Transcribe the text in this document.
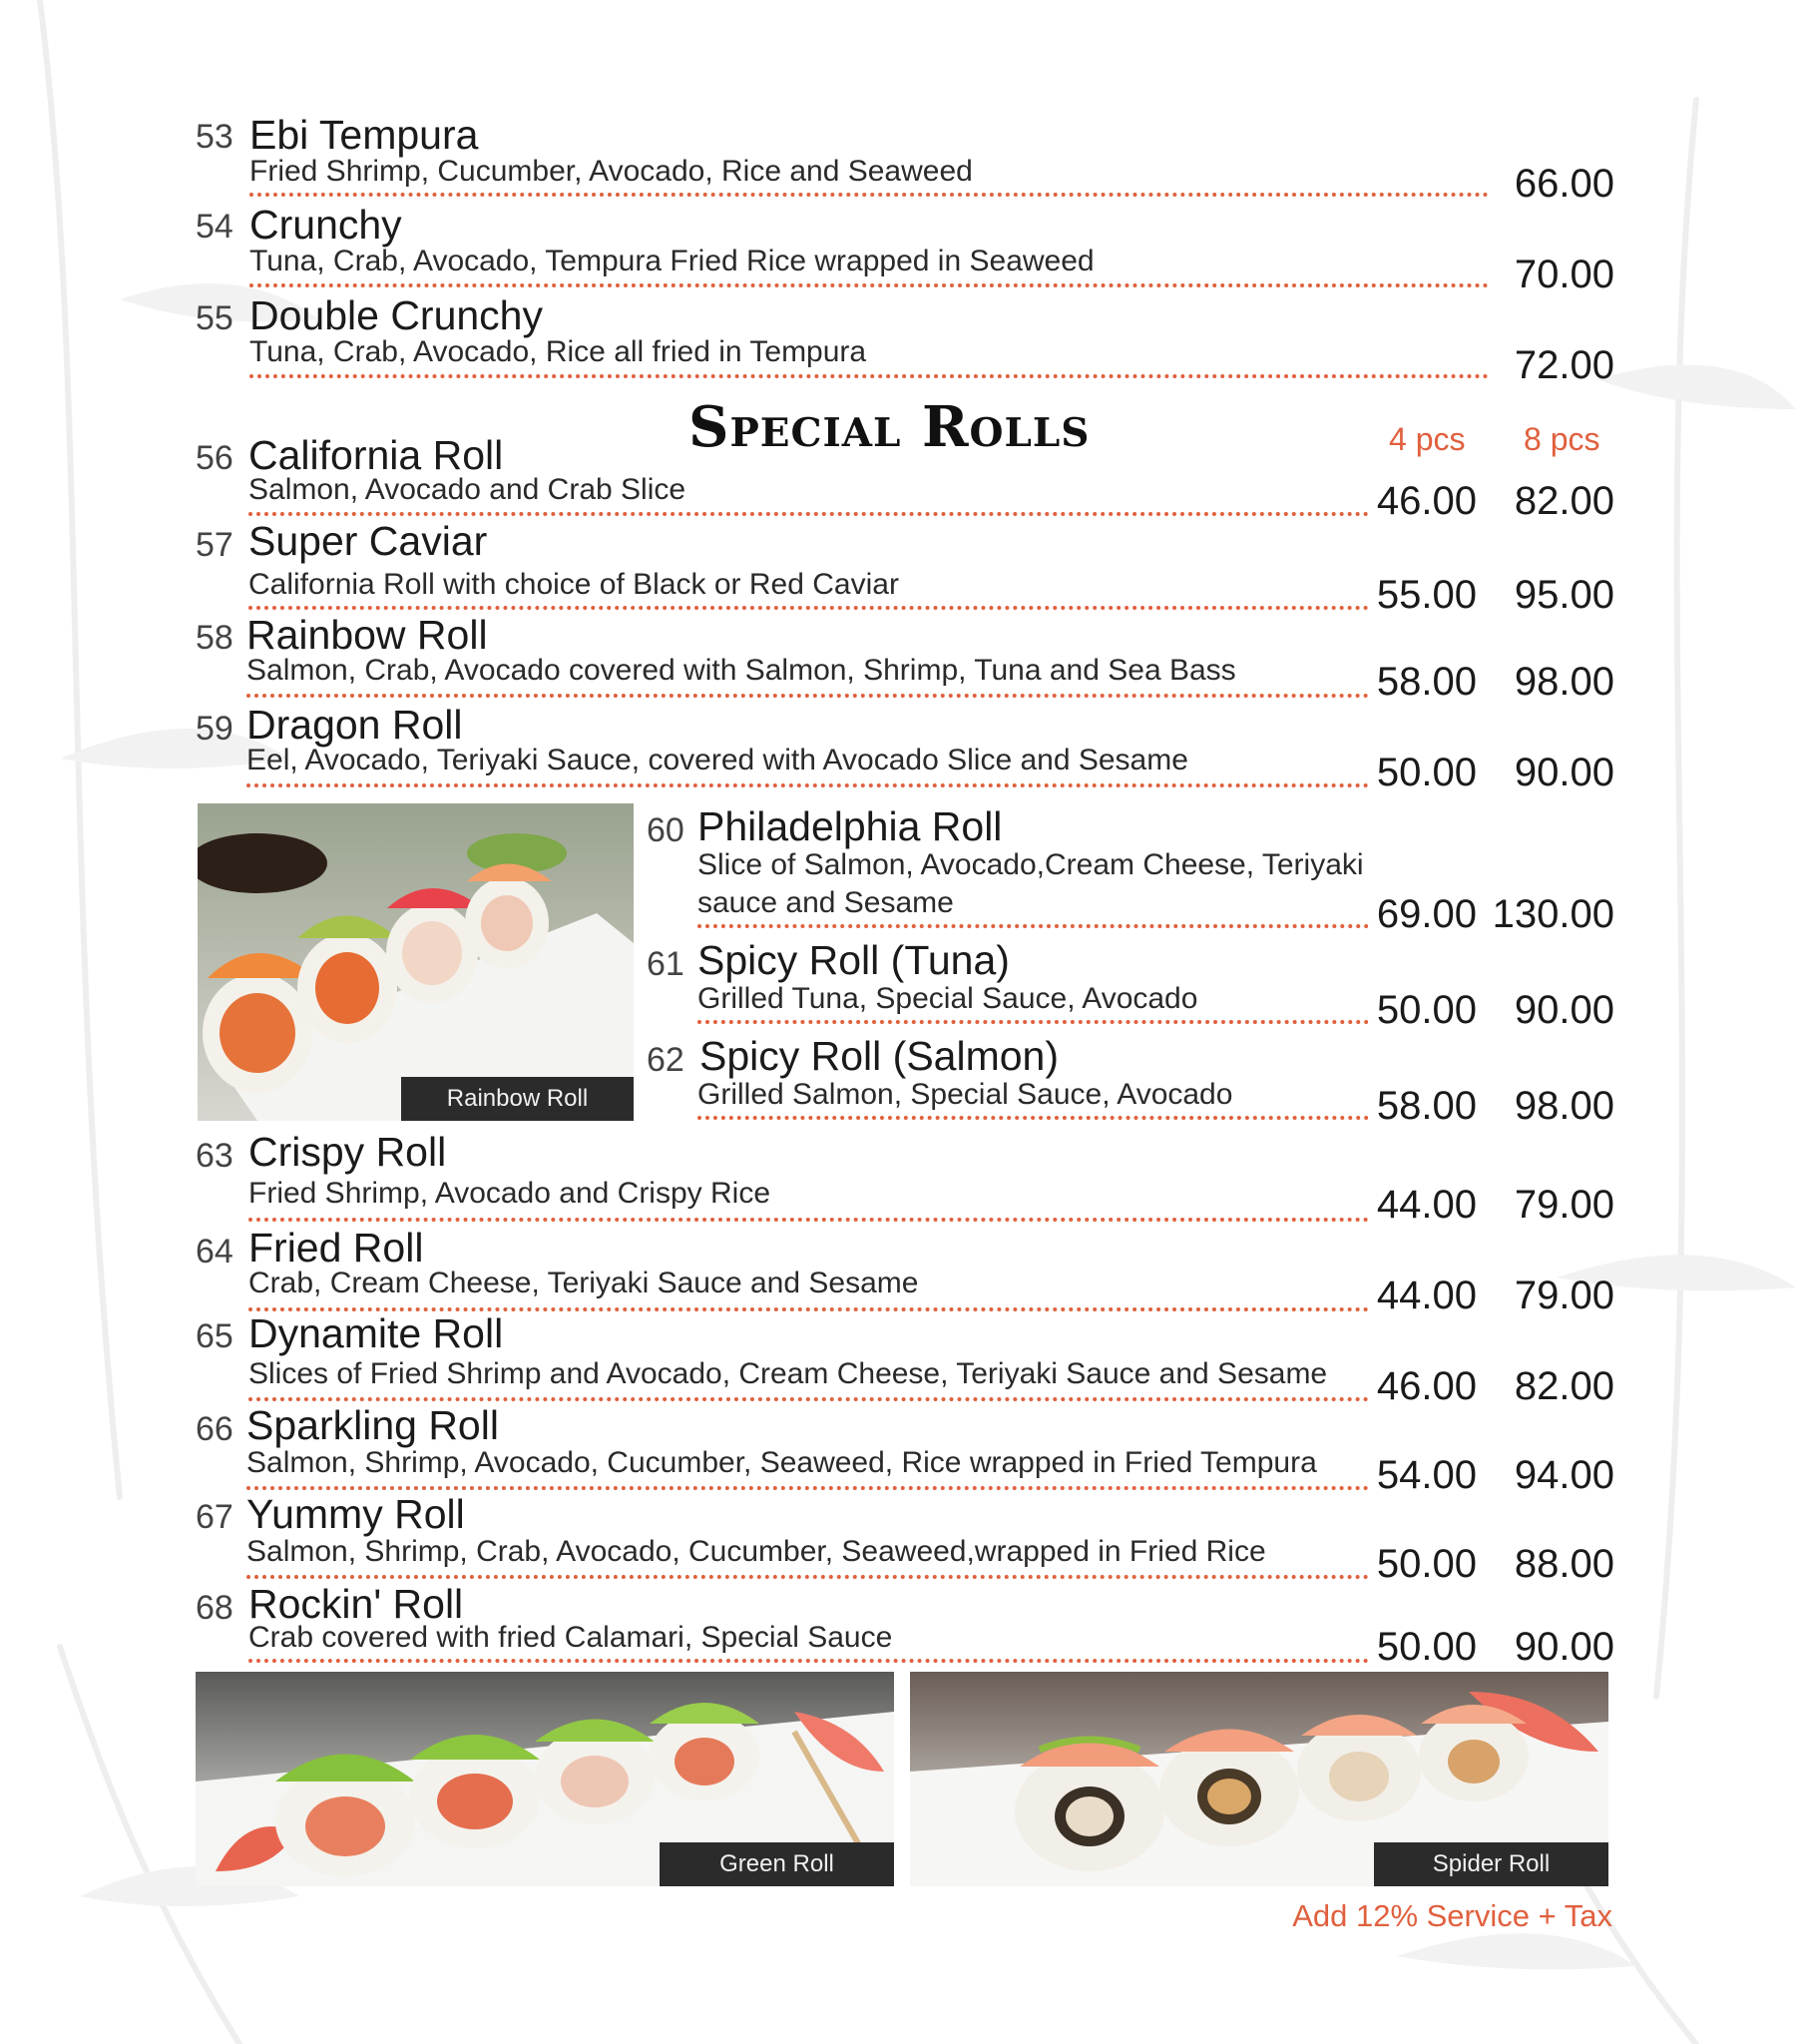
53 Ebi Tempura
Fried Shrimp, Cucumber, Avocado, Rice and Seaweed	66.00
54 Crunchy
Tuna, Crab, Avocado, Tempura Fried Rice wrapped in Seaweed	70.00
55 Double Crunchy
Tuna, Crab, Avocado, Rice all fried in Tempura	72.00
Special Rolls	4 pcs 8 pcs
56 California Roll
Salmon, Avocado and Crab Slice	46.00 82.00
57 Super Caviar
California Roll with choice of Black or Red Caviar	55.00 95.00
58 Rainbow Roll
Salmon, Crab, Avocado covered with Salmon, Shrimp, Tuna and Sea Bass	58.00 98.00
59 Dragon Roll
Eel, Avocado, Teriyaki Sauce, covered with Avocado Slice and Sesame	50.00 90.00
Rainbow Roll
60 Philadelphia Roll
Slice of Salmon, Avocado,Cream Cheese, Teriyaki
sauce and Sesame	69.00 130.00
61 Spicy Roll (Tuna)
Grilled Tuna, Special Sauce, Avocado	50.00 90.00
62 Spicy Roll (Salmon)
Grilled Salmon, Special Sauce, Avocado	58.00 98.00
63 Crispy Roll
Fried Shrimp, Avocado and Crispy Rice	44.00 79.00
64 Fried Roll
Crab, Cream Cheese, Teriyaki Sauce and Sesame	44.00 79.00
65 Dynamite Roll
Slices of Fried Shrimp and Avocado, Cream Cheese, Teriyaki Sauce and Sesame 46.00 82.00
66 Sparkling Roll
Salmon, Shrimp, Avocado, Cucumber, Seaweed, Rice wrapped in Fried Tempura 54.00 94.00
67 Yummy Roll
Salmon, Shrimp, Crab, Avocado, Cucumber, Seaweed,wrapped in Fried Rice	50.00 88.00
68 Rockin' Roll
Crab covered with fried Calamari, Special Sauce	50.00 90.00
Green Roll	Spider Roll
Add 12% Service + Tax
